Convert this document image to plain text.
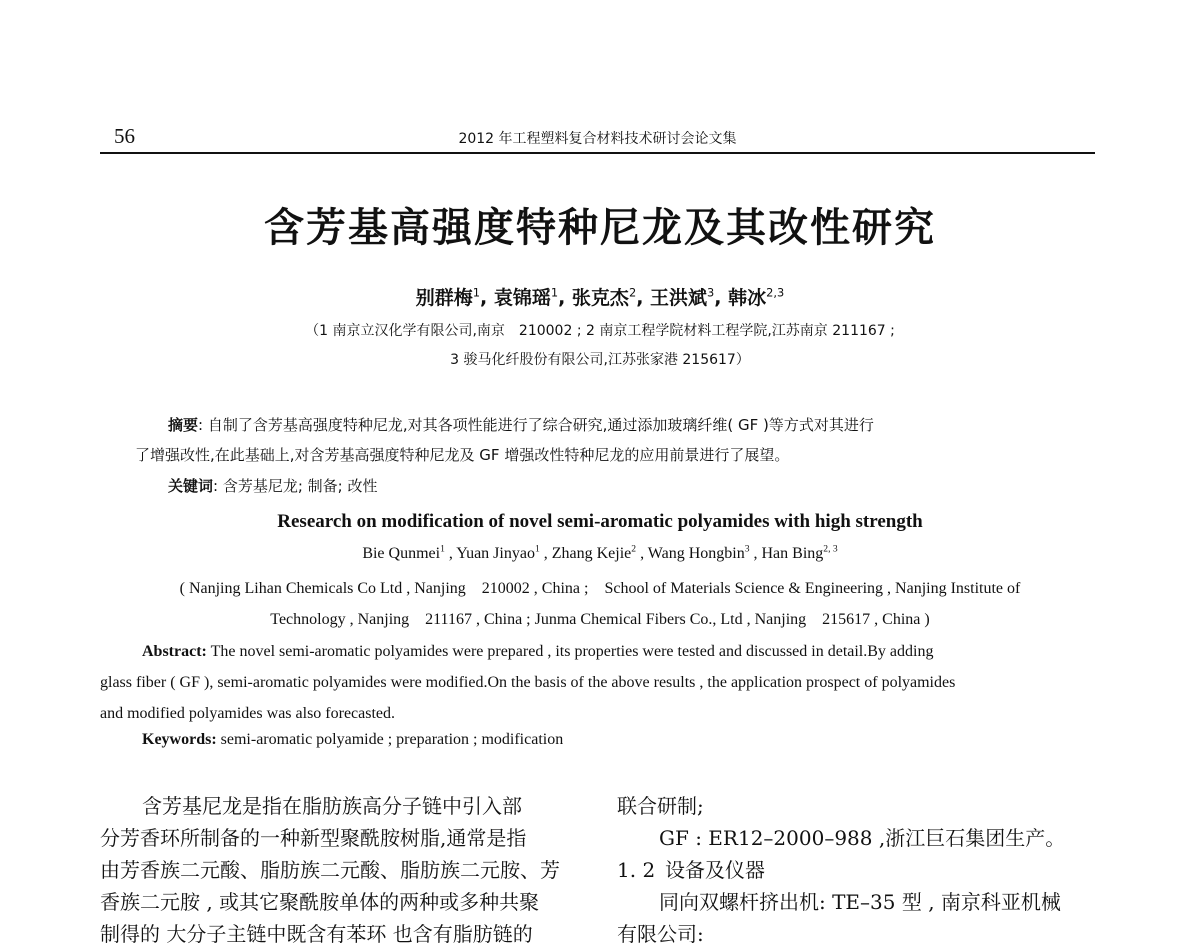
56	2012 年工程塑料复合材料技术研讨会论文集
含芳基高强度特种尼龙及其改性研究
别群梅$^1$, 袁锦瑶$^1$, 张克杰$^2$, 王洪斌$^3$, 韩冰$^{2,3}$
（1 南京立汉化学有限公司,南京　210002 ; 2 南京工程学院材料工程学院,江苏南京 211167 ;
3 骏马化纤股份有限公司,江苏张家港 215617）
摘要: 自制了含芳基高强度特种尼龙,对其各项性能进行了综合研究,通过添加玻璃纤维( GF )等方式对其进行
了增强改性,在此基础上,对含芳基高强度特种尼龙及 GF 增强改性特种尼龙的应用前景进行了展望。
关键词: 含芳基尼龙; 制备; 改性
Research on modification of novel semi-aromatic polyamides with high strength
Bie Qunmei$^1$ , Yuan Jinyao$^1$ , Zhang Kejie$^2$ , Wang Hongbin$^3$ , Han Bing$^{2, 3}$
( Nanjing Lihan Chemicals Co Ltd , Nanjing　210002 , China ;　School of Materials Science & Engineering , Nanjing Institute of
Technology , Nanjing　211167 , China ; Junma Chemical Fibers Co., Ltd , Nanjing　215617 , China )
Abstract: The novel semi-aromatic polyamides were prepared , its properties were tested and discussed in detail.By adding
glass fiber ( GF ), semi-aromatic polyamides were modified.On the basis of the above results , the application prospect of polyamides
and modified polyamides was also forecasted.
Keywords: semi-aromatic polyamide ; preparation ; modification
含芳基尼龙是指在脂肪族高分子链中引入部
分芳香环所制备的一种新型聚酰胺树脂,通常是指
由芳香族二元酸、脂肪族二元酸、脂肪族二元胺、芳
香族二元胺 , 或其它聚酰胺单体的两种或多种共聚
制得的 大分子主链中既含有苯环 也含有脂肪链的
联合研制;
GF : ER12–2000–988 ,浙江巨石集团生产。
1. 2 设备及仪器
同向双螺杆挤出机: TE–35 型 , 南京科亚机械
有限公司:
